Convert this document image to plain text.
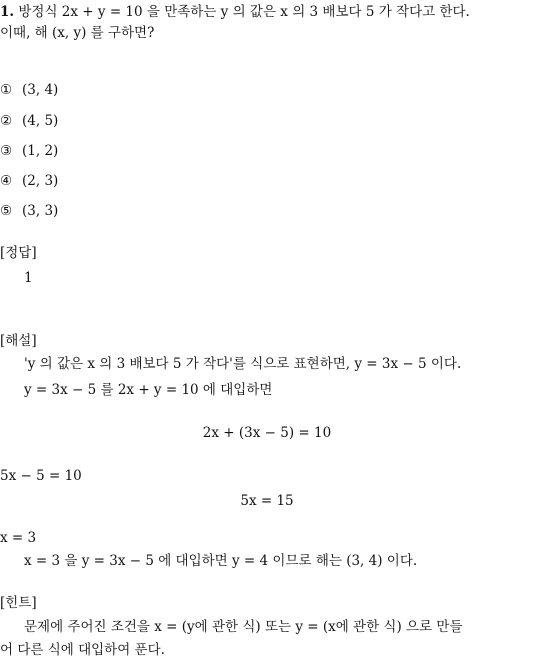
1. 방정식 2x + y = 10 을 만족하는 y 의 값은 x 의 3 배보다 5 가 작다고 한다.
이때, 해 (x, y) 를 구하면?
① (3, 4)
② (4, 5)
③ (1, 2)
④ (2, 3)
⑤ (3, 3)
[정답]
1
[해설]
'y 의 값은 x 의 3 배보다 5 가 작다'를 식으로 표현하면, y = 3x − 5 이다.
y = 3x − 5 를 2x + y = 10 에 대입하면
2x + (3x − 5) = 10
5x − 5 = 10
5x = 15
x = 3
x = 3 을 y = 3x − 5 에 대입하면 y = 4 이므로 해는 (3, 4) 이다.
[힌트]
문제에 주어진 조건을 x = (y에 관한 식) 또는 y = (x에 관한 식) 으로 만들
어 다른 식에 대입하여 푼다.
